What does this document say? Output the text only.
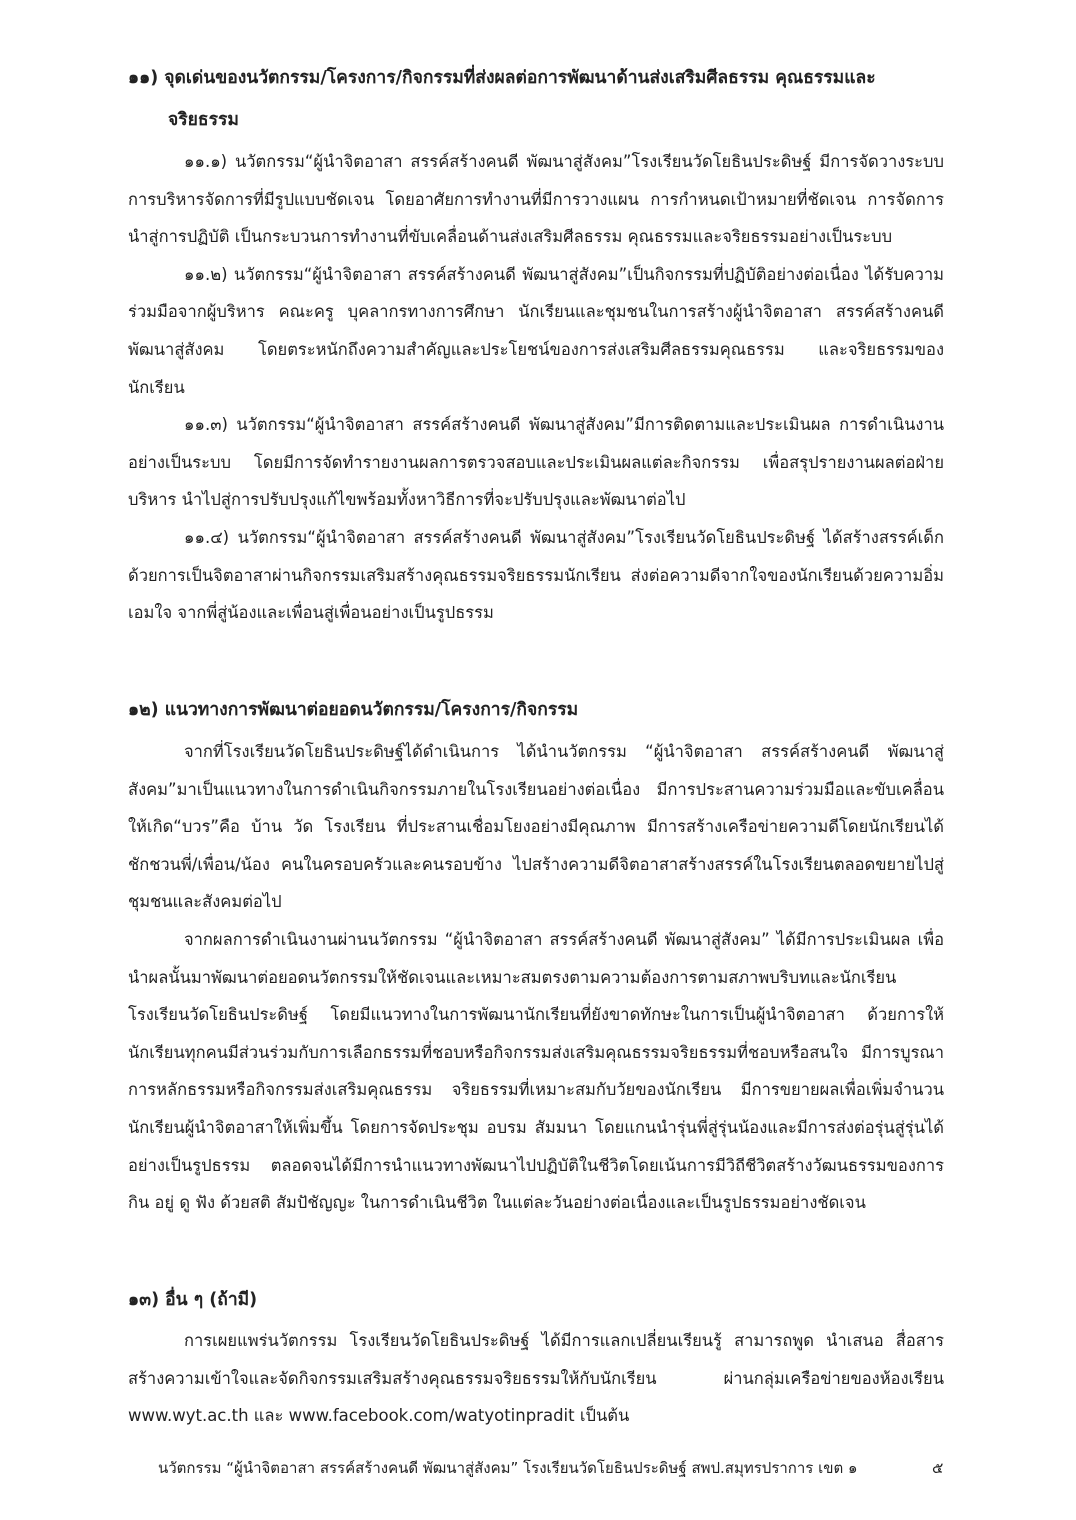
๑๑) จุดเด่นของนวัตกรรม/โครงการ/กิจกรรมที่ส่งผลต่อการพัฒนาด้านส่งเสริมศีลธรรม คุณธรรมและ
จริยธรรม

๑๑.๑) นวัตกรรม“ผู้นำจิตอาสา สรรค์สร้างคนดี พัฒนาสู่สังคม”โรงเรียนวัดโยธินประดิษฐ์ มีการจัดวางระบบการบริหารจัดการที่มีรูปแบบชัดเจน โดยอาศัยการทำงานที่มีการวางแผน การกำหนดเป้าหมายที่ชัดเจน การจัดการนำสู่การปฏิบัติ เป็นกระบวนการทำงานที่ขับเคลื่อนด้านส่งเสริมศีลธรรม คุณธรรมและจริยธรรมอย่างเป็นระบบ

๑๑.๒) นวัตกรรม“ผู้นำจิตอาสา สรรค์สร้างคนดี พัฒนาสู่สังคม”เป็นกิจกรรมที่ปฏิบัติอย่างต่อเนื่อง ได้รับความร่วมมือจากผู้บริหาร คณะครู บุคลากรทางการศึกษา นักเรียนและชุมชนในการสร้างผู้นำจิตอาสา สรรค์สร้างคนดี พัฒนาสู่สังคม โดยตระหนักถึงความสำคัญและประโยชน์ของการส่งเสริมศีลธรรมคุณธรรม และจริยธรรมของนักเรียน

๑๑.๓) นวัตกรรม“ผู้นำจิตอาสา สรรค์สร้างคนดี พัฒนาสู่สังคม”มีการติดตามและประเมินผล การดำเนินงานอย่างเป็นระบบ โดยมีการจัดทำรายงานผลการตรวจสอบและประเมินผลแต่ละกิจกรรม เพื่อสรุปรายงานผลต่อฝ่ายบริหาร นำไปสู่การปรับปรุงแก้ไขพร้อมทั้งหาวิธีการที่จะปรับปรุงและพัฒนาต่อไป

๑๑.๔) นวัตกรรม“ผู้นำจิตอาสา สรรค์สร้างคนดี พัฒนาสู่สังคม”โรงเรียนวัดโยธินประดิษฐ์ ได้สร้างสรรค์เด็กด้วยการเป็นจิตอาสาผ่านกิจกรรมเสริมสร้างคุณธรรมจริยธรรมนักเรียน ส่งต่อความดีจากใจของนักเรียนด้วยความอิ่มเอมใจ จากพี่สู่น้องและเพื่อนสู่เพื่อนอย่างเป็นรูปธรรม

๑๒) แนวทางการพัฒนาต่อยอดนวัตกรรม/โครงการ/กิจกรรม

จากที่โรงเรียนวัดโยธินประดิษฐ์ได้ดำเนินการ ได้นำนวัตกรรม “ผู้นำจิตอาสา สรรค์สร้างคนดี พัฒนาสู่สังคม”มาเป็นแนวทางในการดำเนินกิจกรรมภายในโรงเรียนอย่างต่อเนื่อง มีการประสานความร่วมมือและขับเคลื่อนให้เกิด“บวร”คือ บ้าน วัด โรงเรียน ที่ประสานเชื่อมโยงอย่างมีคุณภาพ มีการสร้างเครือข่ายความดีโดยนักเรียนได้ชักชวนพี่/เพื่อน/น้อง คนในครอบครัวและคนรอบข้าง ไปสร้างความดีจิตอาสาสร้างสรรค์ในโรงเรียนตลอดขยายไปสู่ชุมชนและสังคมต่อไป

จากผลการดำเนินงานผ่านนวัตกรรม “ผู้นำจิตอาสา สรรค์สร้างคนดี พัฒนาสู่สังคม” ได้มีการประเมินผล เพื่อนำผลนั้นมาพัฒนาต่อยอดนวัตกรรมให้ชัดเจนและเหมาะสมตรงตามความต้องการตามสภาพบริบทและนักเรียนโรงเรียนวัดโยธินประดิษฐ์ โดยมีแนวทางในการพัฒนานักเรียนที่ยังขาดทักษะในการเป็นผู้นำจิตอาสา ด้วยการให้นักเรียนทุกคนมีส่วนร่วมกับการเลือกธรรมที่ชอบหรือกิจกรรมส่งเสริมคุณธรรมจริยธรรมที่ชอบหรือสนใจ มีการบูรณาการหลักธรรมหรือกิจกรรมส่งเสริมคุณธรรม จริยธรรมที่เหมาะสมกับวัยของนักเรียน มีการขยายผลเพื่อเพิ่มจำนวนนักเรียนผู้นำจิตอาสาให้เพิ่มขึ้น โดยการจัดประชุม อบรม สัมมนา โดยแกนนำรุ่นพี่สู่รุ่นน้องและมีการส่งต่อรุ่นสู่รุ่นได้อย่างเป็นรูปธรรม ตลอดจนได้มีการนำแนวทางพัฒนาไปปฏิบัติในชีวิตโดยเน้นการมีวิถีชีวิตสร้างวัฒนธรรมของการกิน อยู่ ดู ฟัง ด้วยสติ สัมปัชัญญะ ในการดำเนินชีวิต ในแต่ละวันอย่างต่อเนื่องและเป็นรูปธรรมอย่างชัดเจน

๑๓) อื่น ๆ (ถ้ามี)

การเผยแพร่นวัตกรรม โรงเรียนวัดโยธินประดิษฐ์ ได้มีการแลกเปลี่ยนเรียนรู้ สามารถพูด นำเสนอ สื่อสาร สร้างความเข้าใจและจัดกิจกรรมเสริมสร้างคุณธรรมจริยธรรมให้กับนักเรียน ผ่านกลุ่มเครือข่ายของห้องเรียน www.wyt.ac.th และ www.facebook.com/watyotinpradit เป็นต้น

นวัตกรรม “ผู้นำจิตอาสา สรรค์สร้างคนดี พัฒนาสู่สังคม” โรงเรียนวัดโยธินประดิษฐ์ สพป.สมุทรปราการ เขต ๑	๕
